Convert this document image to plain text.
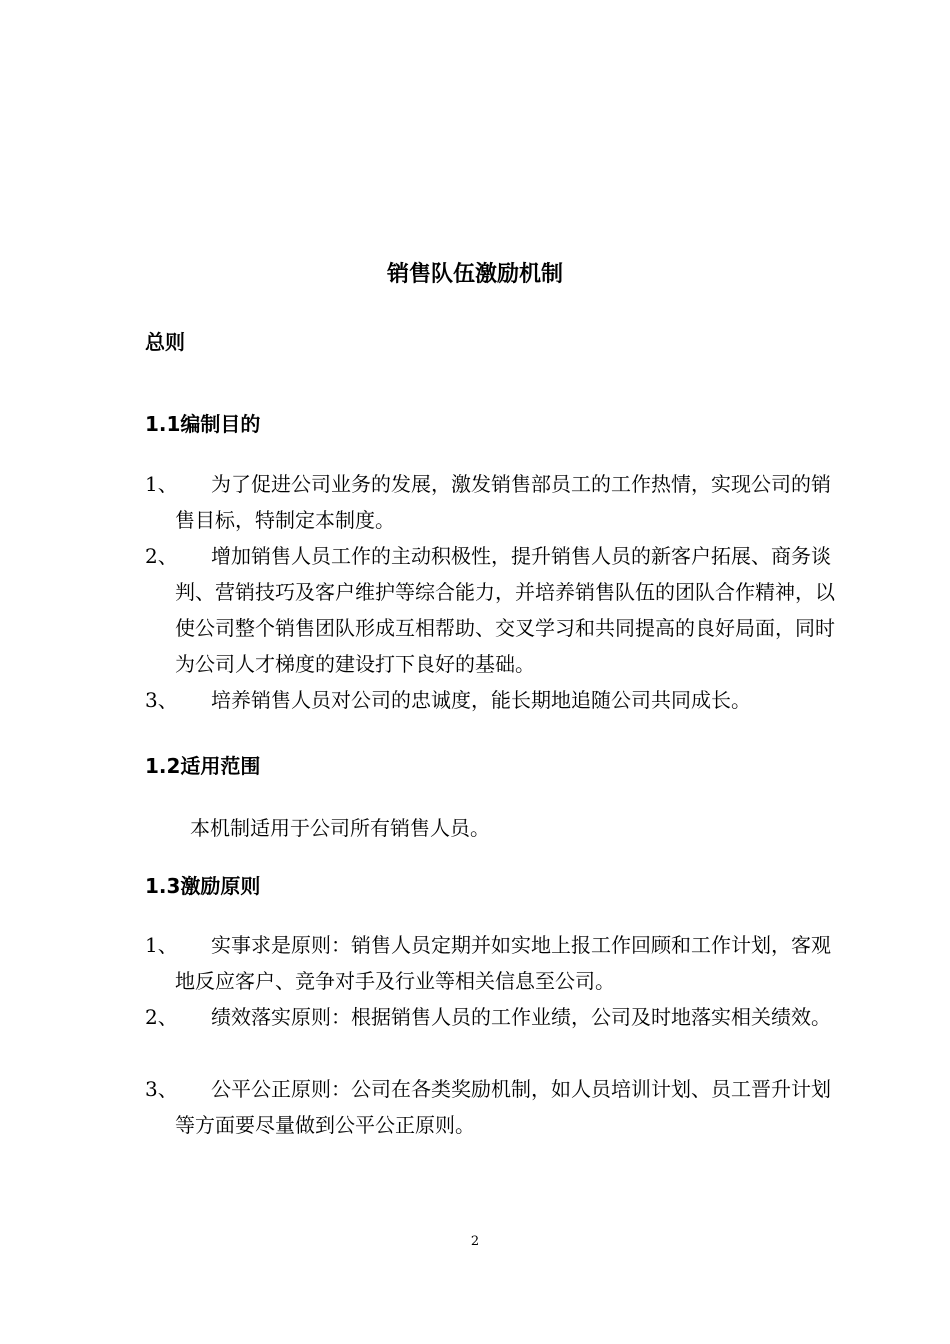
销售队伍激励机制
总则
1.1编制目的
1、	为了促进公司业务的发展，激发销售部员工的工作热情，实现公司的销售目标，特制定本制度。
2、	增加销售人员工作的主动积极性，提升销售人员的新客户拓展、商务谈判、营销技巧及客户维护等综合能力，并培养销售队伍的团队合作精神，以使公司整个销售团队形成互相帮助、交叉学习和共同提高的良好局面，同时为公司人才梯度的建设打下良好的基础。
3、	培养销售人员对公司的忠诚度，能长期地追随公司共同成长。
1.2适用范围
本机制适用于公司所有销售人员。
1.3激励原则
1、	实事求是原则：销售人员定期并如实地上报工作回顾和工作计划，客观地反应客户、竞争对手及行业等相关信息至公司。
2、	绩效落实原则：根据销售人员的工作业绩，公司及时地落实相关绩效。
3、	公平公正原则：公司在各类奖励机制，如人员培训计划、员工晋升计划等方面要尽量做到公平公正原则。
2
